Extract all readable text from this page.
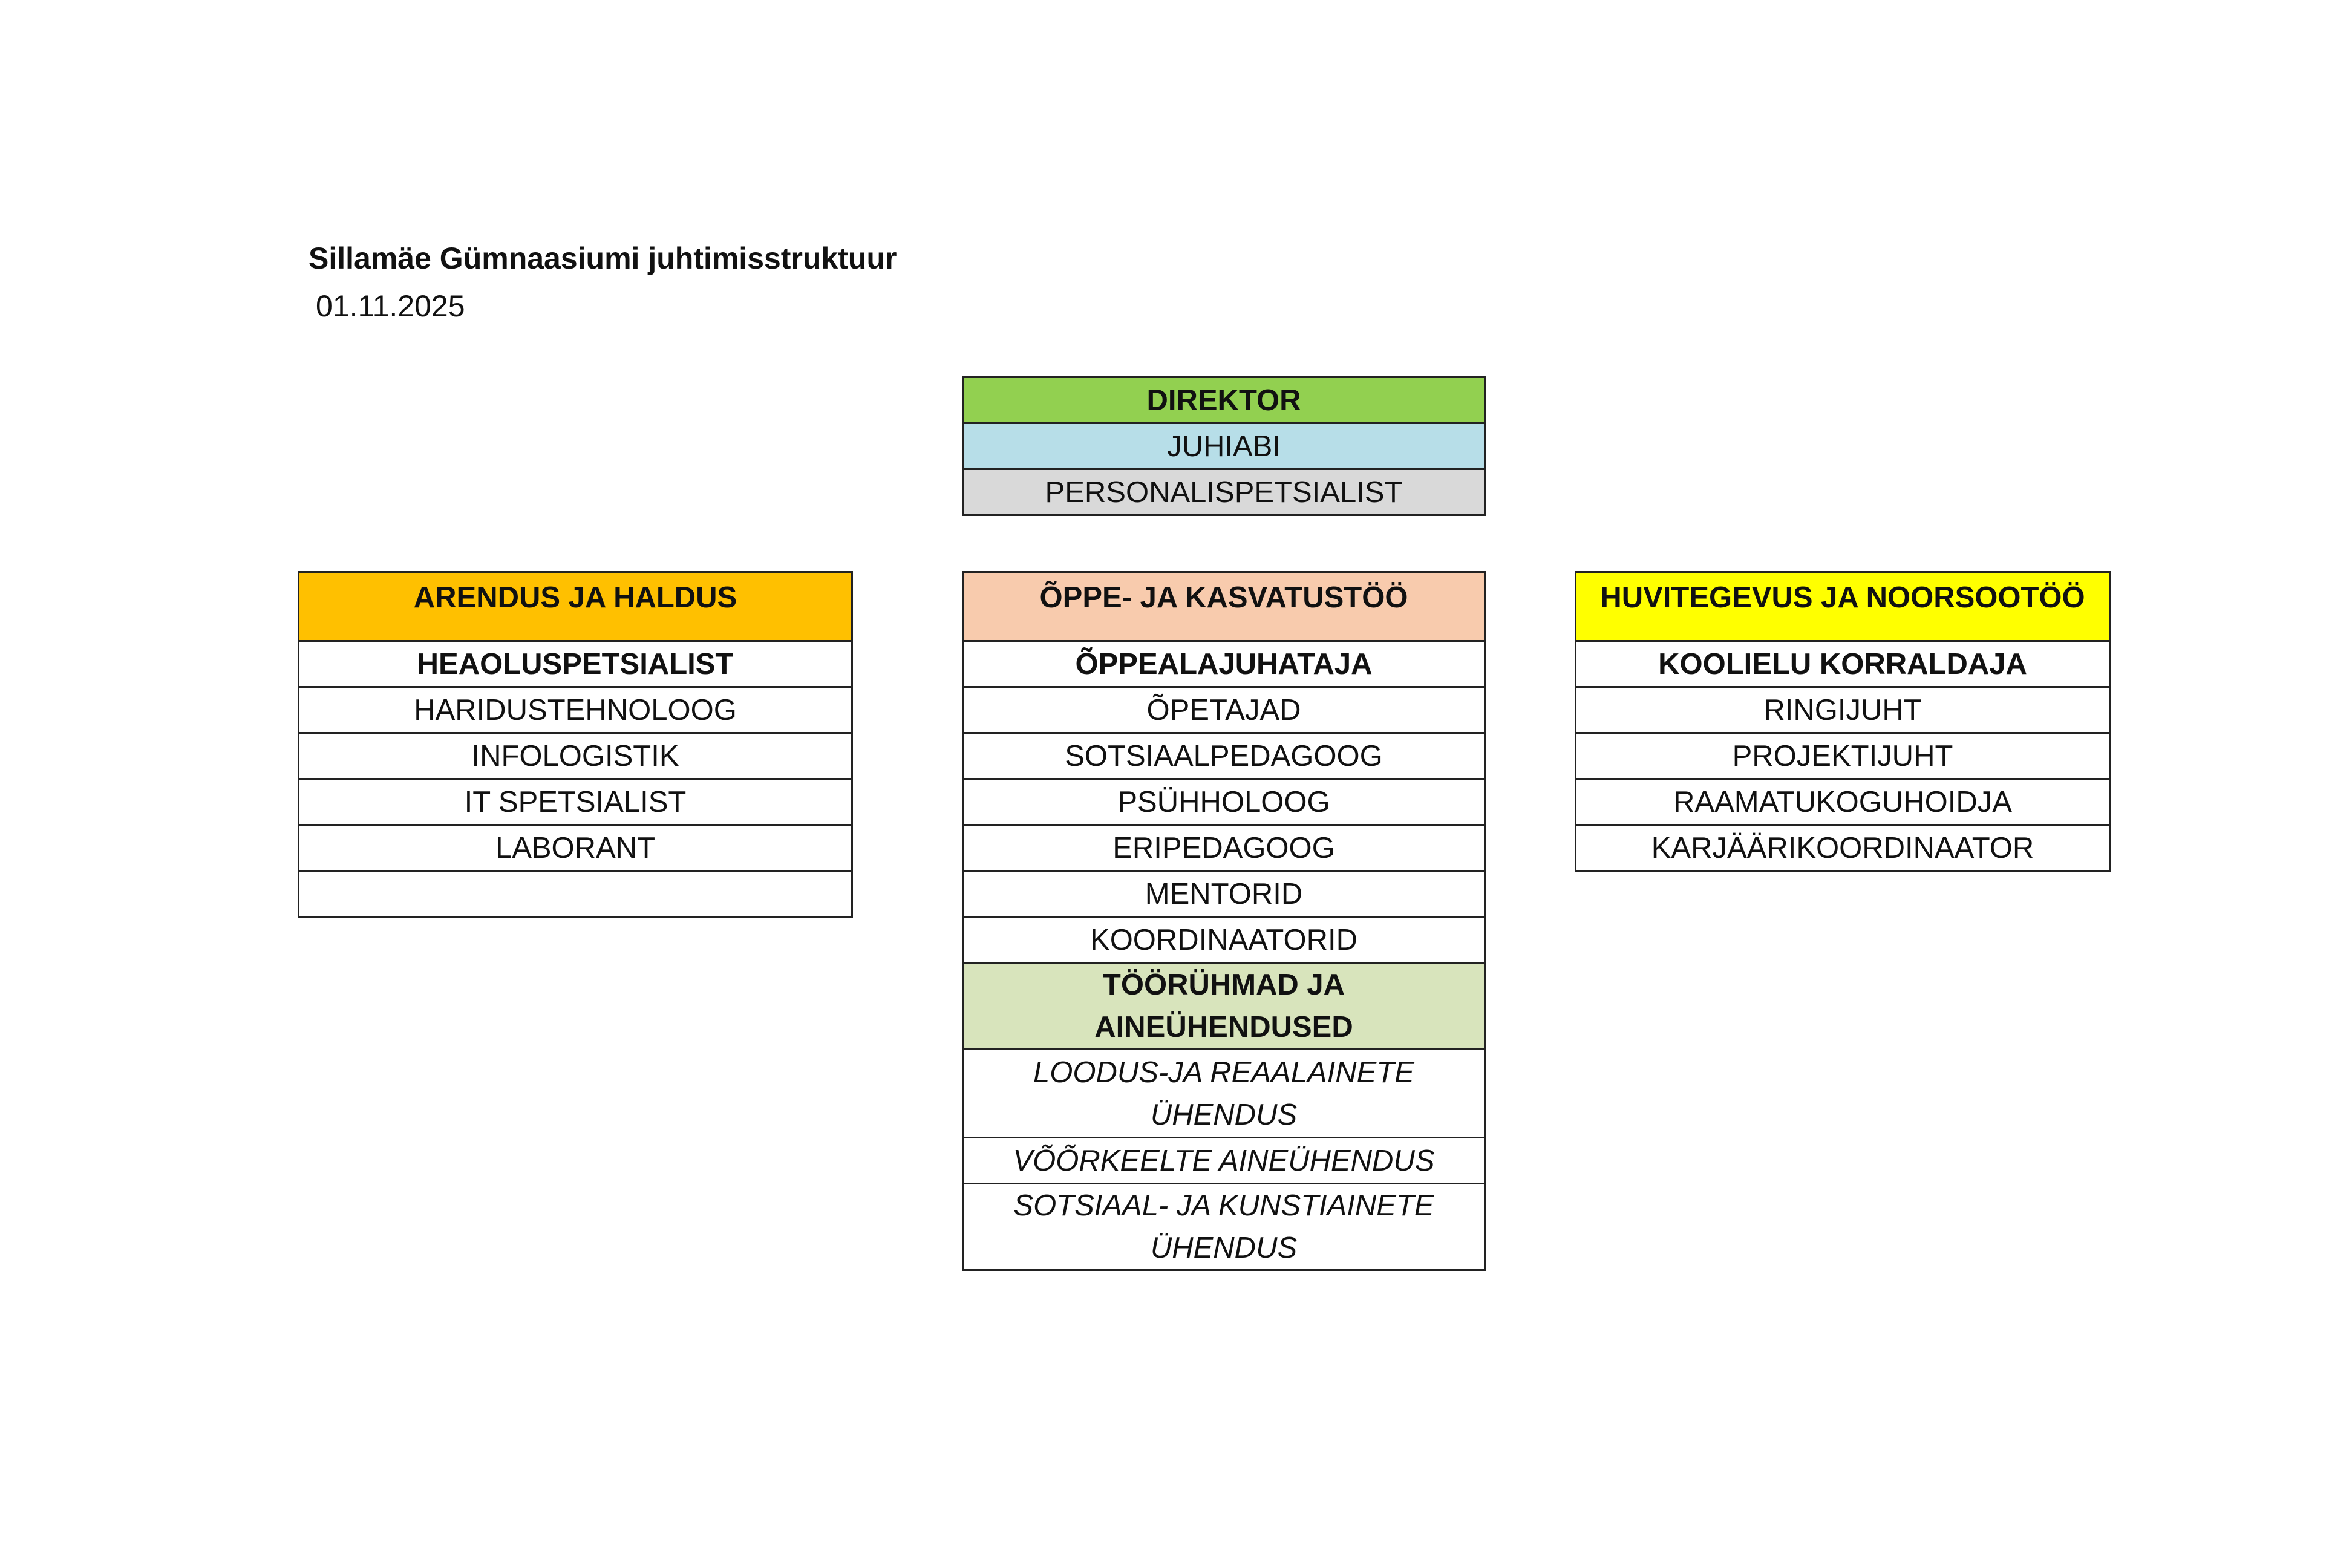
Sillamäe Gümnaasiumi juhtimisstruktuur
01.11.2025
DIREKTOR
JUHIABI
PERSONALISPETSIALIST
ARENDUS JA HALDUS
HEAOLUSPETSIALIST
HARIDUSTEHNOLOOG
INFOLOGISTIK
IT SPETSIALIST
LABORANT

ÕPPE- JA KASVATUSTÖÖ
ÕPPEALAJUHATAJA
ÕPETAJAD
SOTSIAALPEDAGOOG
PSÜHHOLOOG
ERIPEDAGOOG
MENTORID
KOORDINAATORID
TÖÖRÜHMAD JA AINEÜHENDUSED
LOODUS-JA REAALAINETE ÜHENDUS
VÕÕRKEELTE AINEÜHENDUS
SOTSIAAL- JA KUNSTIAINETE ÜHENDUS
HUVITEGEVUS JA NOORSOOTÖÖ
KOOLIELU KORRALDAJA
RINGIJUHT
PROJEKTIJUHT
RAAMATUKOGUHOIDJA
KARJÄÄRIKOORDINAATOR
